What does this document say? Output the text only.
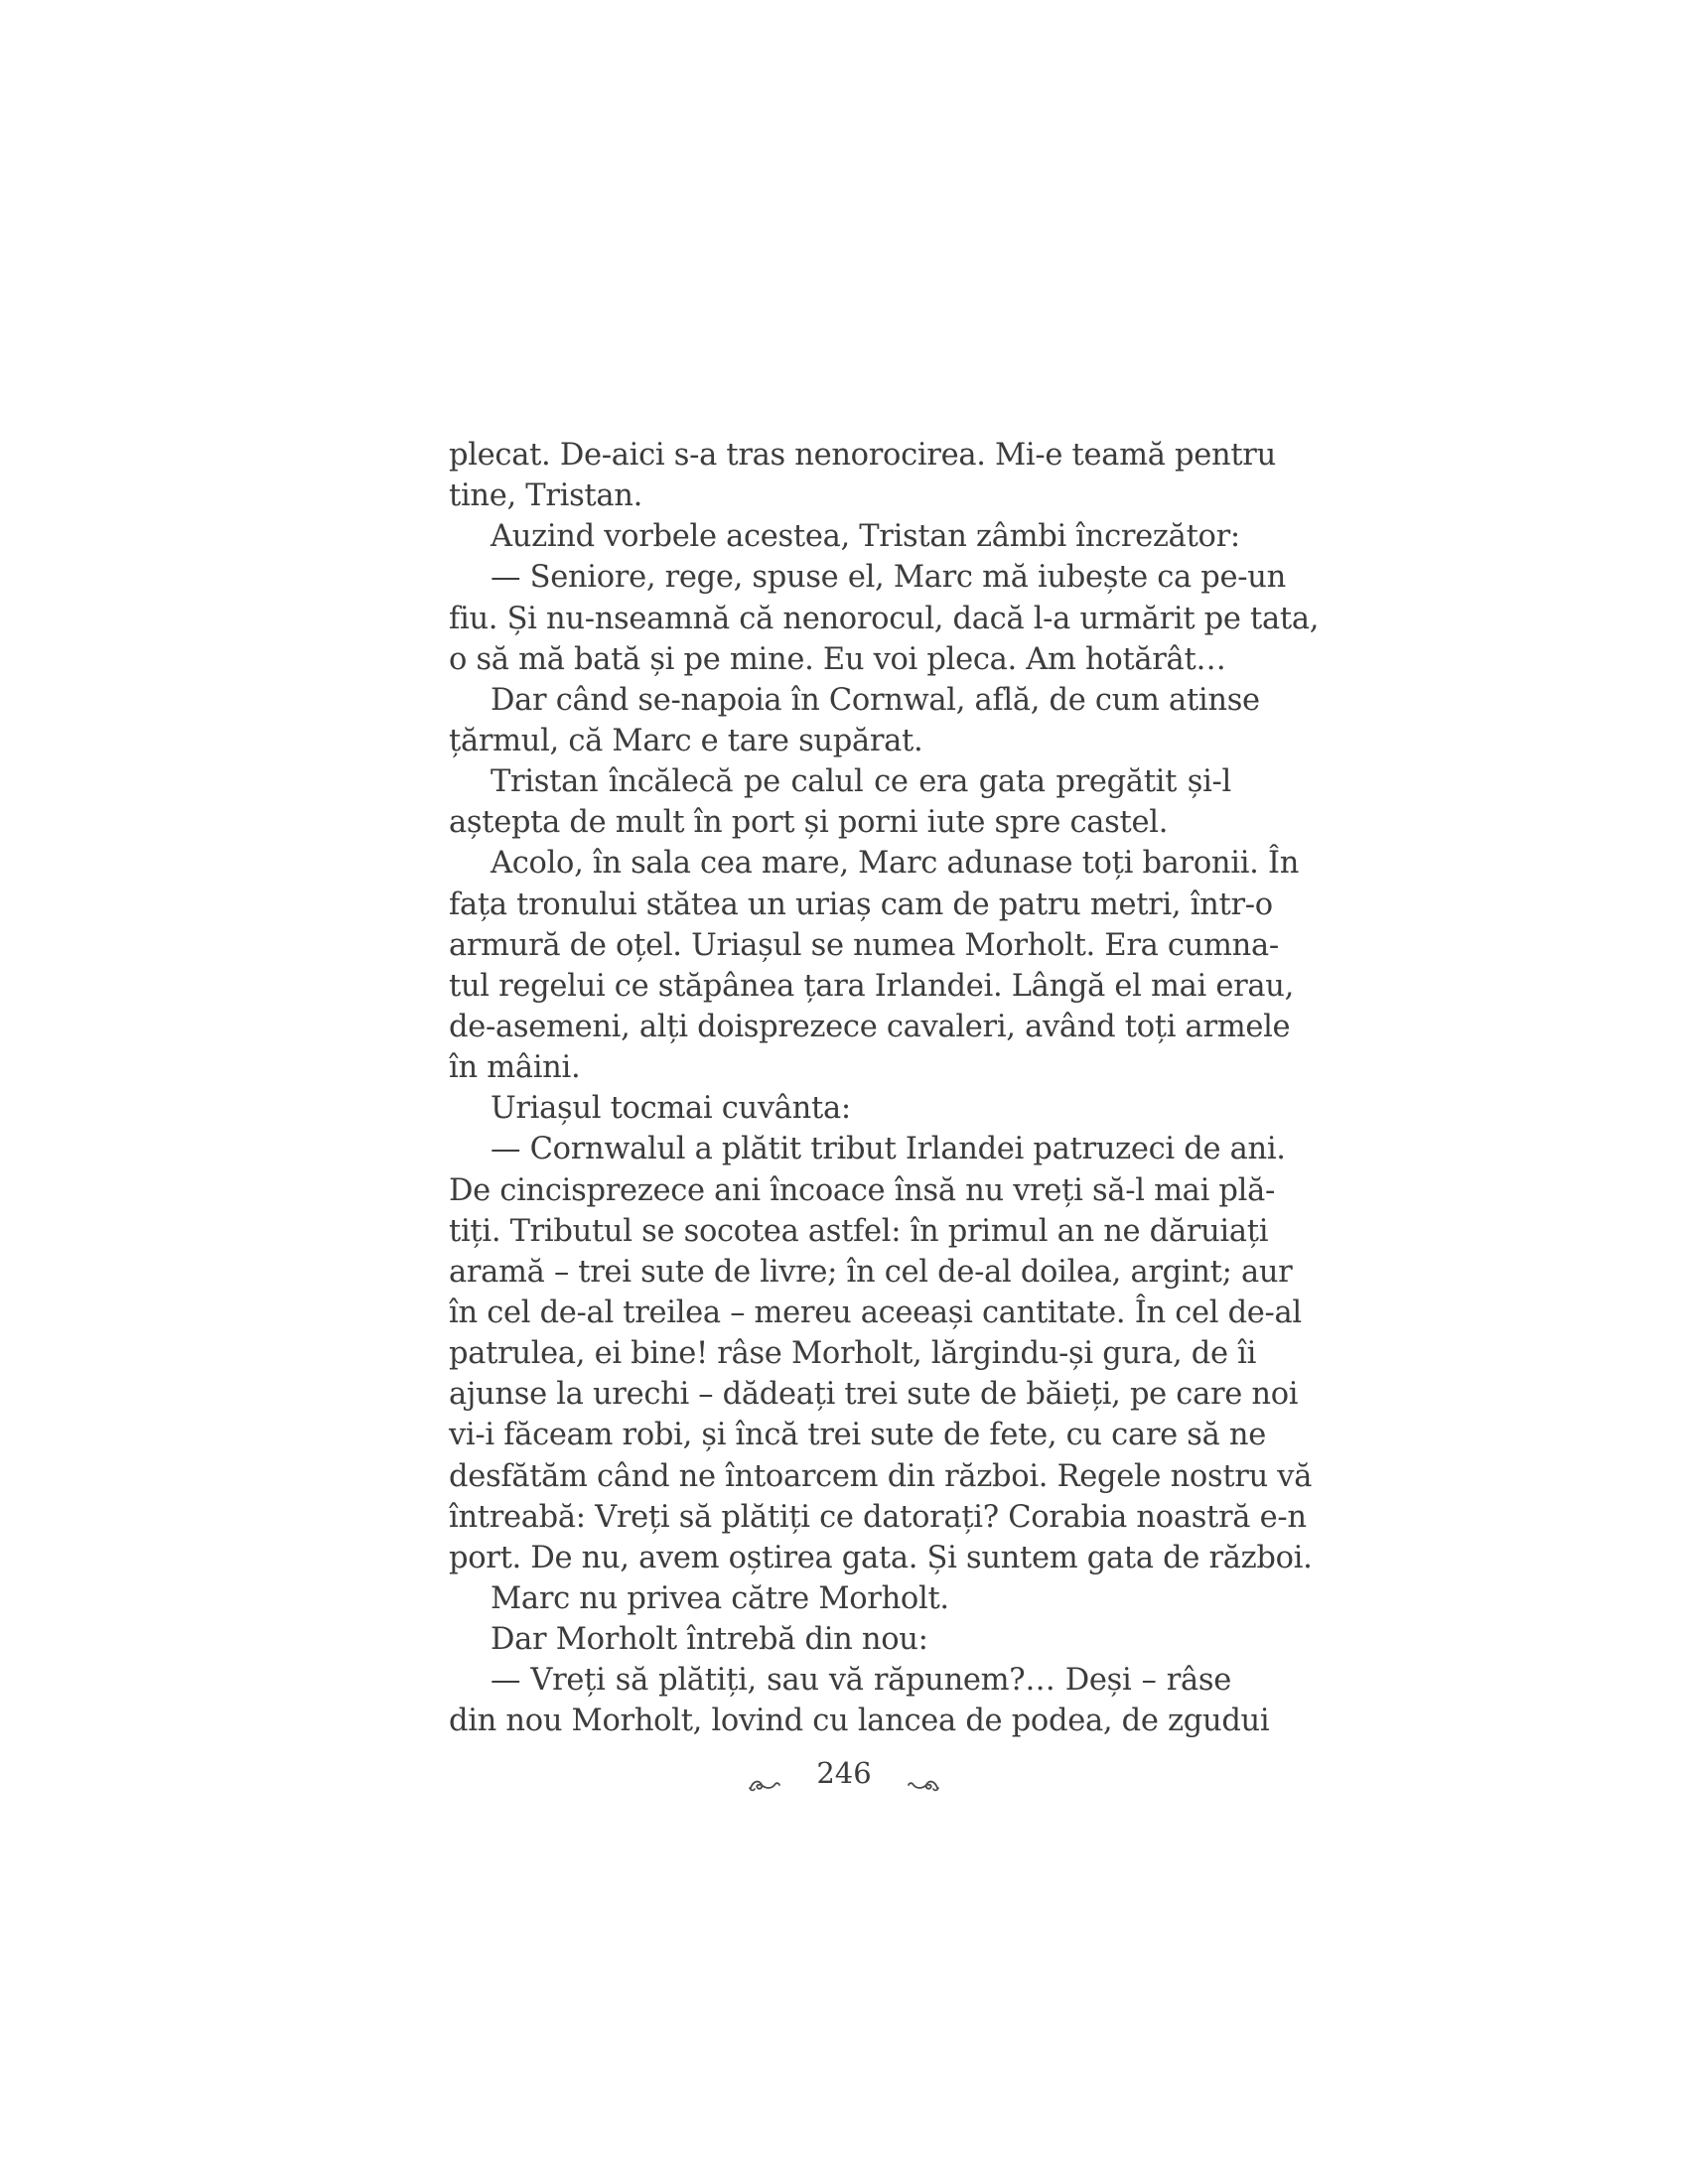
plecat. De-aici s-a tras nenorocirea. Mi-e teamă pentru
tine, Tristan.
Auzind vorbele acestea, Tristan zâmbi încrezător:
— Seniore, rege, spuse el, Marc mă iubește ca pe-un
fiu. Și nu-nseamnă că nenorocul, dacă l-a urmărit pe tata,
o să mă bată și pe mine. Eu voi pleca. Am hotărât…
Dar când se-napoia în Cornwal, află, de cum atinse
țărmul, că Marc e tare supărat.
Tristan încălecă pe calul ce era gata pregătit și-l
aștepta de mult în port și porni iute spre castel.
Acolo, în sala cea mare, Marc adunase toți baronii. În
fața tronului stătea un uriaș cam de patru metri, într-o
armură de oțel. Uriașul se numea Morholt. Era cumna-
tul regelui ce stăpânea țara Irlandei. Lângă el mai erau,
de-asemeni, alți doisprezece cavaleri, având toți armele
în mâini.
Uriașul tocmai cuvânta:
— Cornwalul a plătit tribut Irlandei patruzeci de ani.
De cincisprezece ani încoace însă nu vreți să-l mai plă-
tiți. Tributul se socotea astfel: în primul an ne dăruiați
aramă – trei sute de livre; în cel de-al doilea, argint; aur
în cel de-al treilea – mereu aceeași cantitate. În cel de-al
patrulea, ei bine! râse Morholt, lărgindu-și gura, de îi
ajunse la urechi – dădeați trei sute de băieți, pe care noi
vi-i făceam robi, și încă trei sute de fete, cu care să ne
desfătăm când ne întoarcem din război. Regele nostru vă
întreabă: Vreți să plătiți ce datorați? Corabia noastră e-n
port. De nu, avem oștirea gata. Și suntem gata de război.
Marc nu privea către Morholt.
Dar Morholt întrebă din nou:
— Vreți să plătiți, sau vă răpunem?… Deși – râse
din nou Morholt, lovind cu lancea de podea, de zgudui
246
